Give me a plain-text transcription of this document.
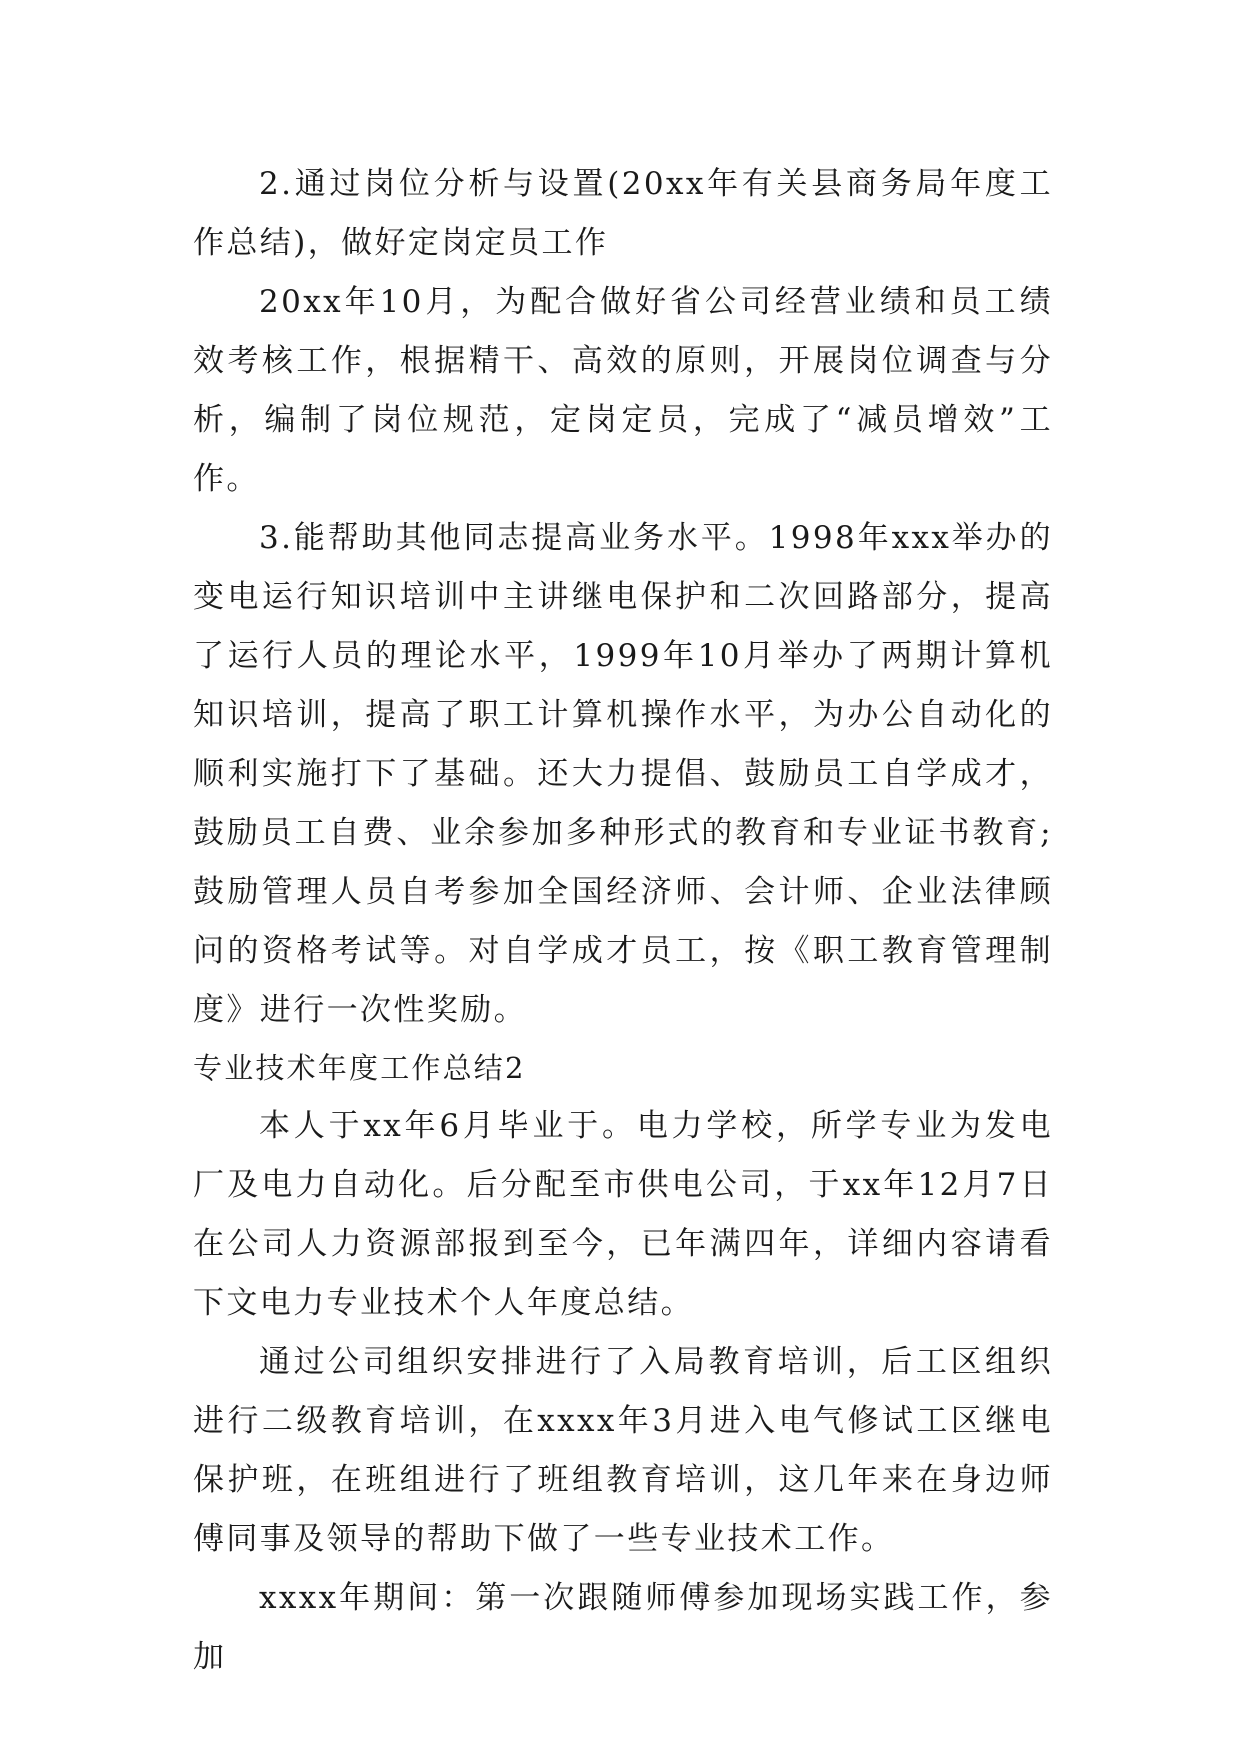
2.通过岗位分析与设置(20xx年有关县商务局年度工作总结)，做好定岗定员工作

20xx年10月，为配合做好省公司经营业绩和员工绩效考核工作，根据精干、高效的原则，开展岗位调查与分析，编制了岗位规范，定岗定员，完成了“减员增效”工作。

3.能帮助其他同志提高业务水平。1998年xxx举办的变电运行知识培训中主讲继电保护和二次回路部分，提高了运行人员的理论水平，1999年10月举办了两期计算机知识培训，提高了职工计算机操作水平，为办公自动化的顺利实施打下了基础。还大力提倡、鼓励员工自学成才，鼓励员工自费、业余参加多种形式的教育和专业证书教育;鼓励管理人员自考参加全国经济师、会计师、企业法律顾问的资格考试等。对自学成才员工，按《职工教育管理制度》进行一次性奖励。

专业技术年度工作总结2

本人于xx年6月毕业于。电力学校，所学专业为发电厂及电力自动化。后分配至市供电公司，于xx年12月7日在公司人力资源部报到至今，已年满四年，详细内容请看下文电力专业技术个人年度总结。

通过公司组织安排进行了入局教育培训，后工区组织进行二级教育培训，在xxxx年3月进入电气修试工区继电保护班，在班组进行了班组教育培训，这几年来在身边师傅同事及领导的帮助下做了一些专业技术工作。

xxxx年期间：第一次跟随师傅参加现场实践工作，参加
